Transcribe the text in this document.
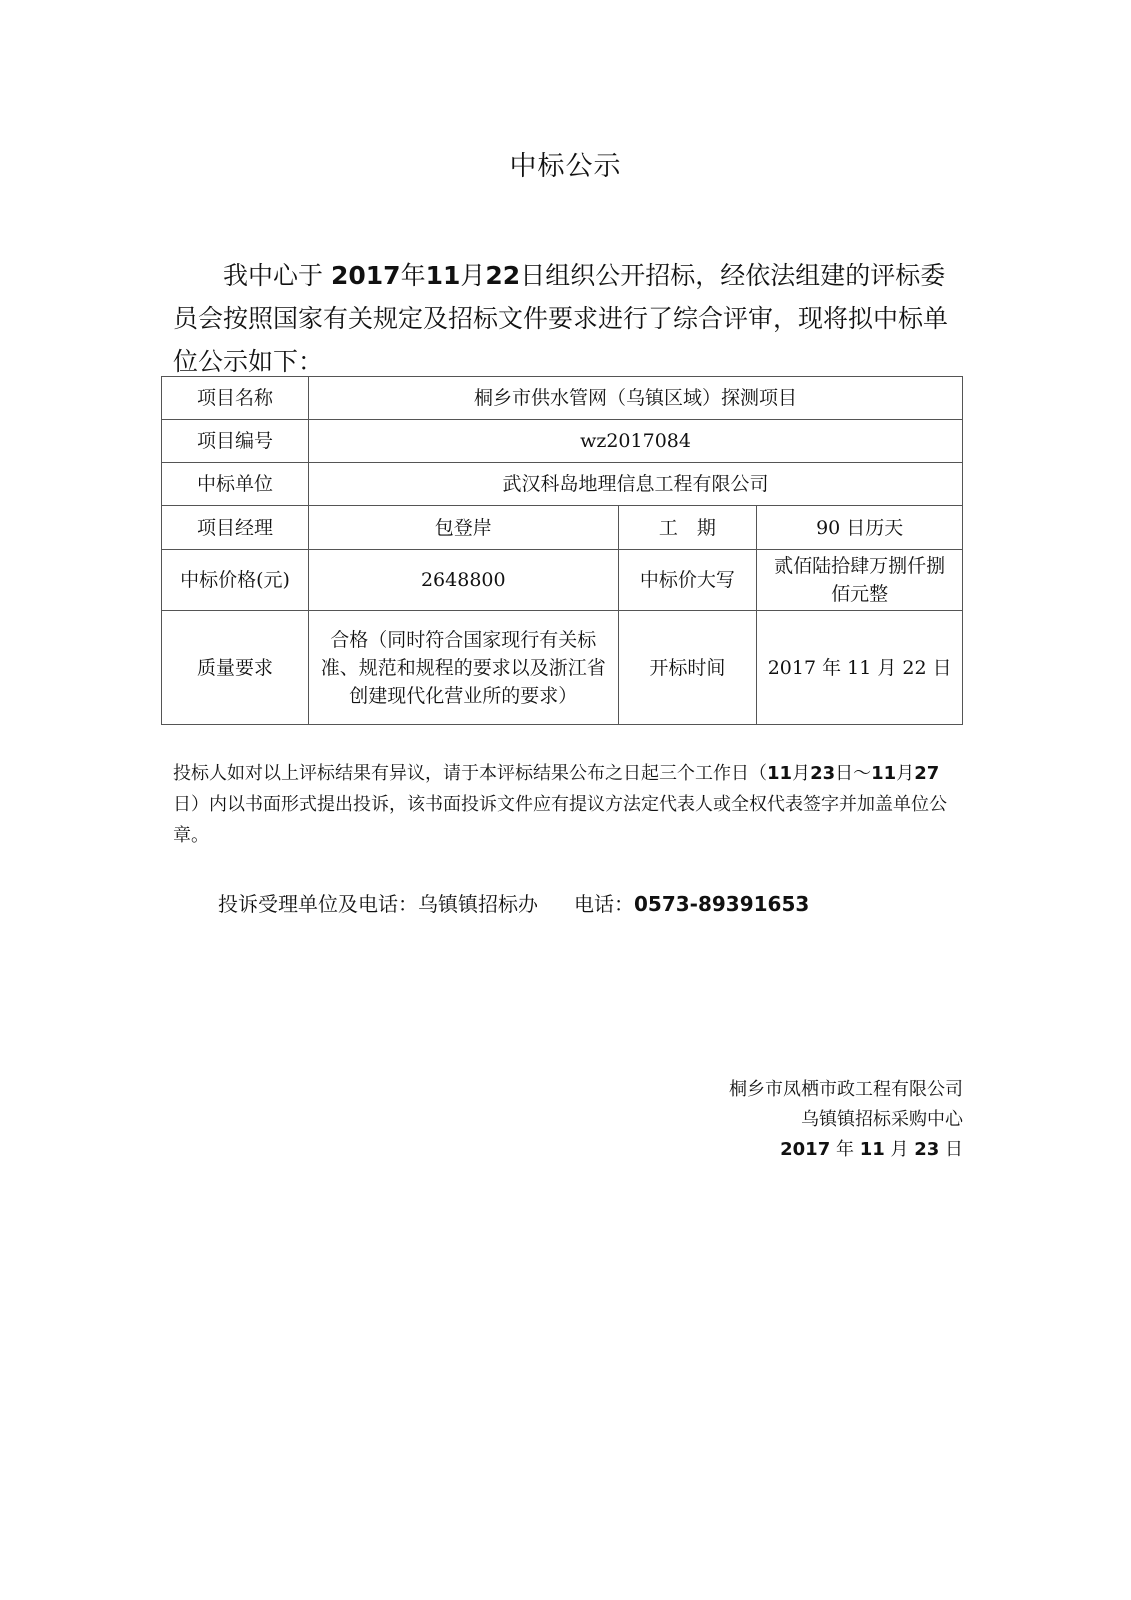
中标公示

我中心于 2017年11月22日组织公开招标，经依法组建的评标委员会按照国家有关规定及招标文件要求进行了综合评审，现将拟中标单位公示如下：

项目名称	桐乡市供水管网（乌镇区域）探测项目		
项目编号	wz2017084		
中标单位	武汉科岛地理信息工程有限公司		
项目经理	包登岸	工　期	90 日历天
中标价格(元)	2648800	中标价大写	贰佰陆拾肆万捌仟捌佰元整
质量要求	合格（同时符合国家现行有关标准、规范和规程的要求以及浙江省创建现代化营业所的要求）	开标时间	2017 年 11 月 22 日

投标人如对以上评标结果有异议，请于本评标结果公布之日起三个工作日（11月23日～11月27日）内以书面形式提出投诉，该书面投诉文件应有提议方法定代表人或全权代表签字并加盖单位公章。

投诉受理单位及电话：乌镇镇招标办 电话：0573-89391653
桐乡市凤栖市政工程有限公司
乌镇镇招标采购中心
2017 年 11 月 23 日
